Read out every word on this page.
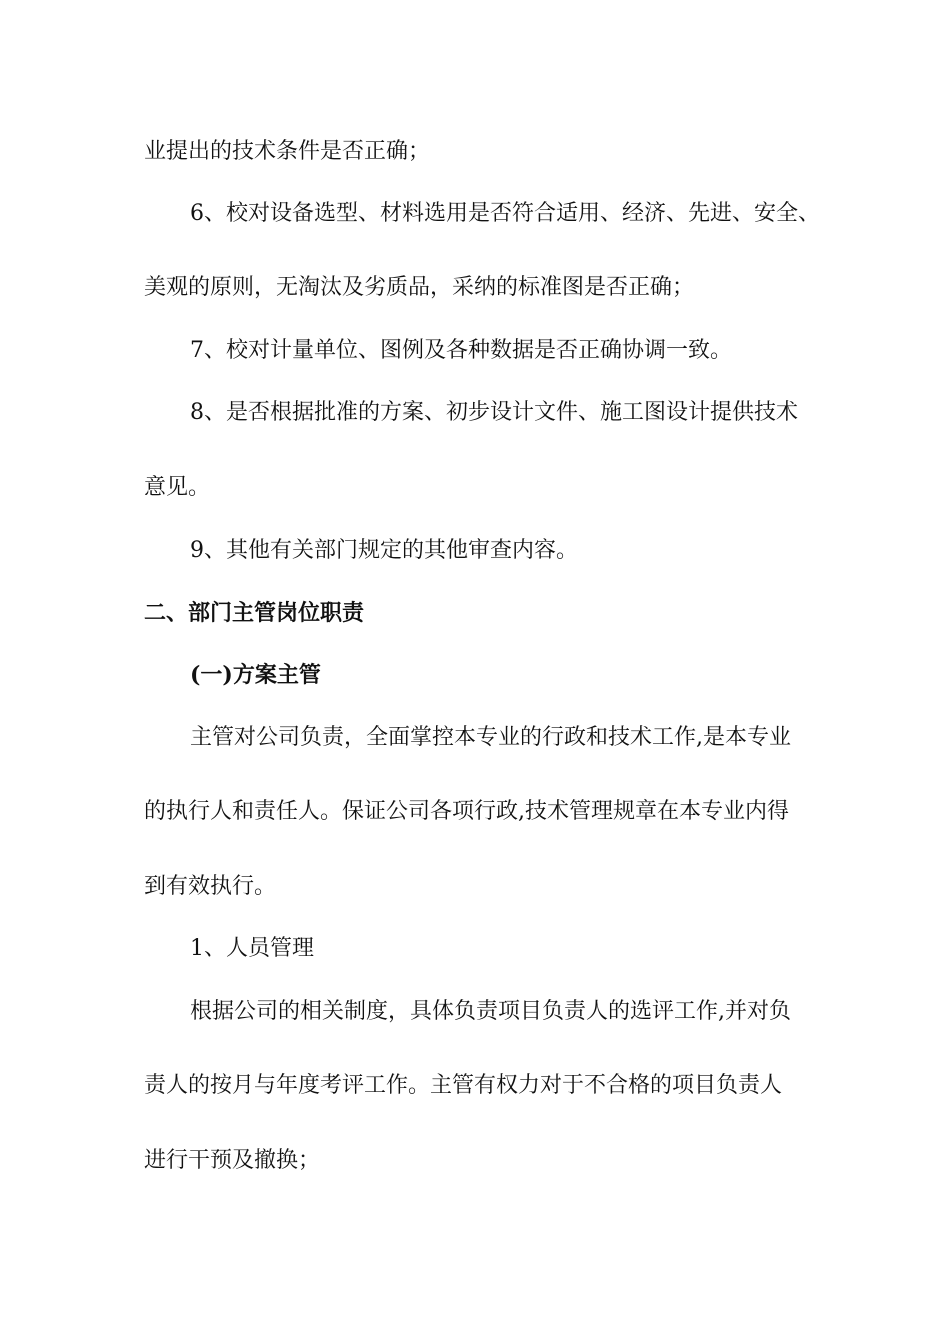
业提出的技术条件是否正确；
6、校对设备选型、材料选用是否符合适用、经济、先进、安全、
美观的原则，无淘汰及劣质品，采纳的标准图是否正确；
7、校对计量单位、图例及各种数据是否正确协调一致。
8、是否根据批准的方案、初步设计文件、施工图设计提供技术
意见。
9、其他有关部门规定的其他审查内容。
二、部门主管岗位职责
(一)方案主管
主管对公司负责，全面掌控本专业的行政和技术工作,是本专业
的执行人和责任人。保证公司各项行政,技术管理规章在本专业内得
到有效执行。
1、人员管理
根据公司的相关制度，具体负责项目负责人的选评工作,并对负
责人的按月与年度考评工作。主管有权力对于不合格的项目负责人
进行干预及撤换；
